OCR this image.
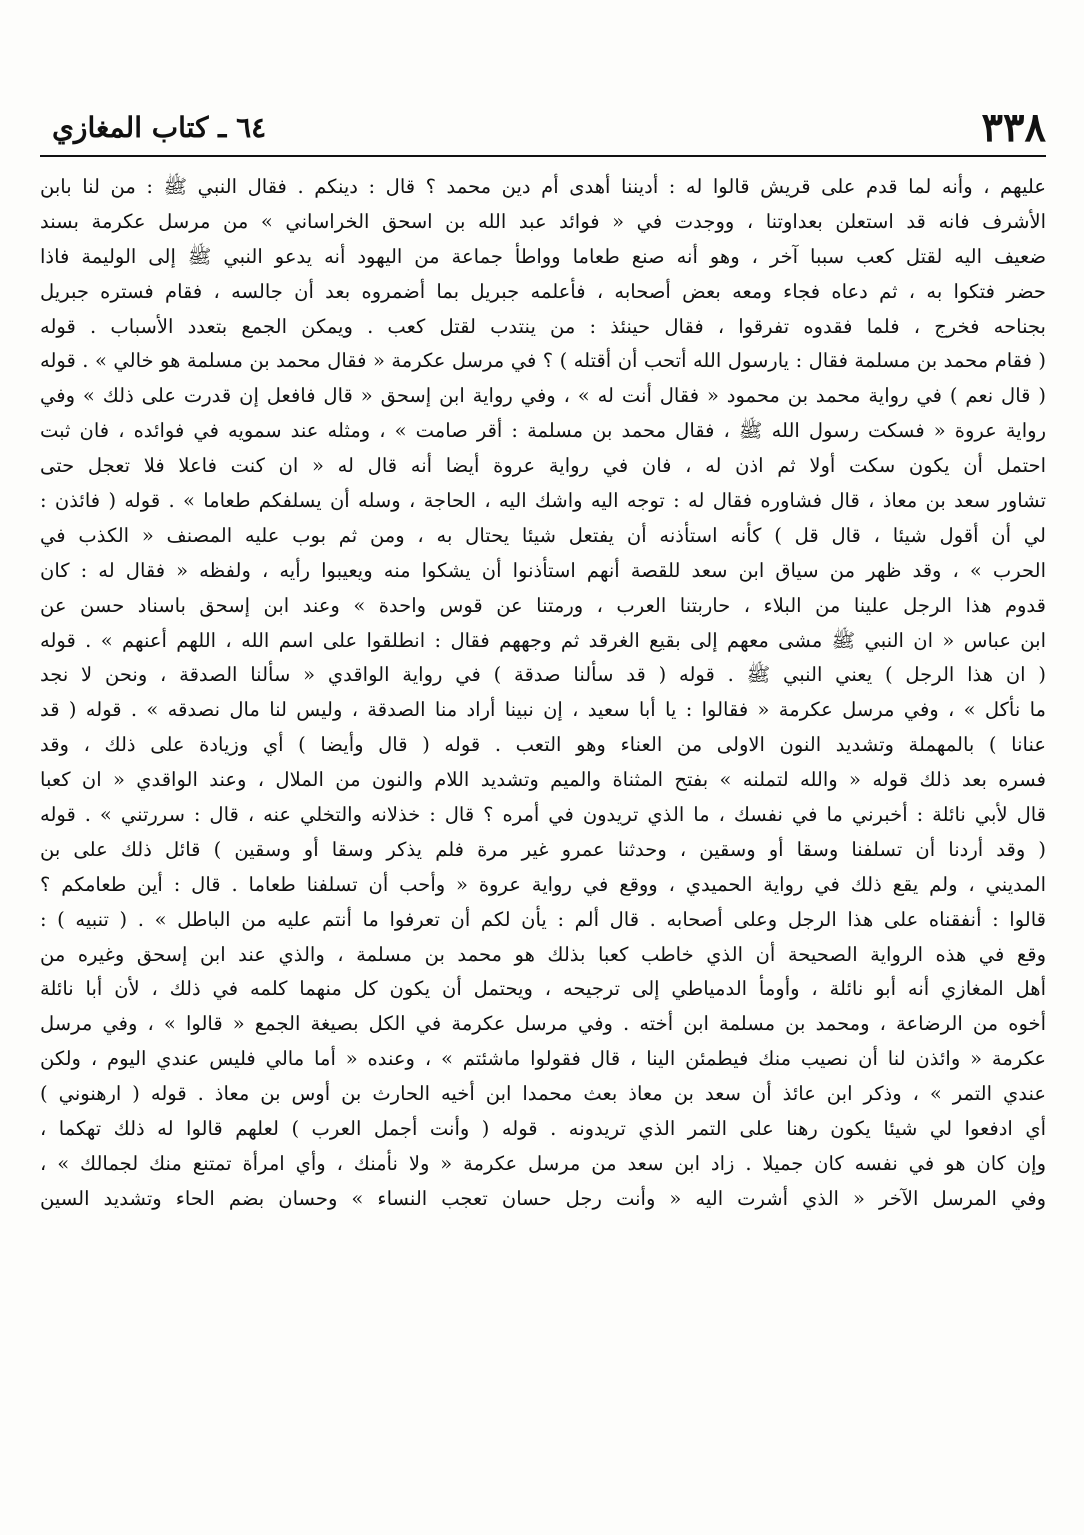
٣٣٨
٦٤ ـ كتاب المغازي
عليهم ، وأنه لما قدم على قريش قالوا له : أديننا أهدى أم دين محمد ؟ قال : دينكم . فقال النبي ﷺ : من لنا بابن
الأشرف فانه قد استعلن بعداوتنا ، ووجدت في « فوائد عبد الله بن اسحق الخراساني » من مرسل عكرمة بسند
ضعيف اليه لقتل كعب سببا آخر ، وهو أنه صنع طعاما وواطأ جماعة من اليهود أنه يدعو النبي ﷺ إلى الوليمة فاذا
حضر فتكوا به ، ثم دعاه فجاء ومعه بعض أصحابه ، فأعلمه جبريل بما أضمروه بعد أن جالسه ، فقام فستره جبريل
بجناحه فخرج ، فلما فقدوه تفرقوا ، فقال حينئذ : من ينتدب لقتل كعب . ويمكن الجمع بتعدد الأسباب . قوله
( فقام محمد بن مسلمة فقال : يارسول الله أتحب أن أقتله ) ؟ في مرسل عكرمة « فقال محمد بن مسلمة هو خالي » . قوله
( قال نعم ) في رواية محمد بن محمود « فقال أنت له » ، وفي رواية ابن إسحق « قال فافعل إن قدرت على ذلك » وفي
رواية عروة « فسكت رسول الله ﷺ ، فقال محمد بن مسلمة : أقر صامت » ، ومثله عند سمويه في فوائده ، فان ثبت
احتمل أن يكون سكت أولا ثم اذن له ، فان في رواية عروة أيضا أنه قال له « ان كنت فاعلا فلا تعجل حتى
تشاور سعد بن معاذ ، قال فشاوره فقال له : توجه اليه واشك اليه ، الحاجة ، وسله أن يسلفكم طعاما » . قوله ( فائذن :
لي أن أقول شيئا ، قال قل ) كأنه استأذنه أن يفتعل شيئا يحتال به ، ومن ثم بوب عليه المصنف « الكذب في
الحرب » ، وقد ظهر من سياق ابن سعد للقصة أنهم استأذنوا أن يشكوا منه ويعيبوا رأيه ، ولفظه « فقال له : كان
قدوم هذا الرجل علينا من البلاء ، حاربتنا العرب ، ورمتنا عن قوس واحدة » وعند ابن إسحق باسناد حسن عن
ابن عباس « ان النبي ﷺ مشى معهم إلى بقيع الغرقد ثم وجههم فقال : انطلقوا على اسم الله ، اللهم أعنهم » . قوله
( ان هذا الرجل ) يعني النبي ﷺ . قوله ( قد سألنا صدقة ) في رواية الواقدي « سألنا الصدقة ، ونحن لا نجد
ما نأكل » ، وفي مرسل عكرمة « فقالوا : يا أبا سعيد ، إن نبينا أراد منا الصدقة ، وليس لنا مال نصدقه » . قوله ( قد
عنانا ) بالمهملة وتشديد النون الاولى من العناء وهو التعب . قوله ( قال وأيضا ) أي وزيادة على ذلك ، وقد
فسره بعد ذلك قوله « والله لتملنه » بفتح المثناة والميم وتشديد اللام والنون من الملال ، وعند الواقدي « ان كعبا
قال لأبي نائلة : أخبرني ما في نفسك ، ما الذي تريدون في أمره ؟ قال : خذلانه والتخلي عنه ، قال : سررتني » . قوله
( وقد أردنا أن تسلفنا وسقا أو وسقين ، وحدثنا عمرو غير مرة فلم يذكر وسقا أو وسقين ) قائل ذلك على بن
المديني ، ولم يقع ذلك في رواية الحميدي ، ووقع في رواية عروة « وأحب أن تسلفنا طعاما . قال : أين طعامكم ؟
قالوا : أنفقناه على هذا الرجل وعلى أصحابه . قال ألم : يأن لكم أن تعرفوا ما أنتم عليه من الباطل » . ( تنبيه ) :
وقع في هذه الرواية الصحيحة أن الذي خاطب كعبا بذلك هو محمد بن مسلمة ، والذي عند ابن إسحق وغيره من
أهل المغازي أنه أبو نائلة ، وأومأ الدمياطي إلى ترجيحه ، ويحتمل أن يكون كل منهما كلمه في ذلك ، لأن أبا نائلة
أخوه من الرضاعة ، ومحمد بن مسلمة ابن أخته . وفي مرسل عكرمة في الكل بصيغة الجمع « قالوا » ، وفي مرسل
عكرمة « وائذن لنا أن نصيب منك فيطمئن الينا ، قال فقولوا ماشئتم » ، وعنده « أما مالي فليس عندي اليوم ، ولكن
عندي التمر » ، وذكر ابن عائذ أن سعد بن معاذ بعث محمدا ابن أخيه الحارث بن أوس بن معاذ . قوله ( ارهنوني )
أي ادفعوا لي شيئا يكون رهنا على التمر الذي تريدونه . قوله ( وأنت أجمل العرب ) لعلهم قالوا له ذلك تهكما ،
وإن كان هو في نفسه كان جميلا . زاد ابن سعد من مرسل عكرمة « ولا نأمنك ، وأي امرأة تمتنع منك لجمالك » ،
وفي المرسل الآخر « الذي أشرت اليه « وأنت رجل حسان تعجب النساء » وحسان بضم الحاء وتشديد السين
